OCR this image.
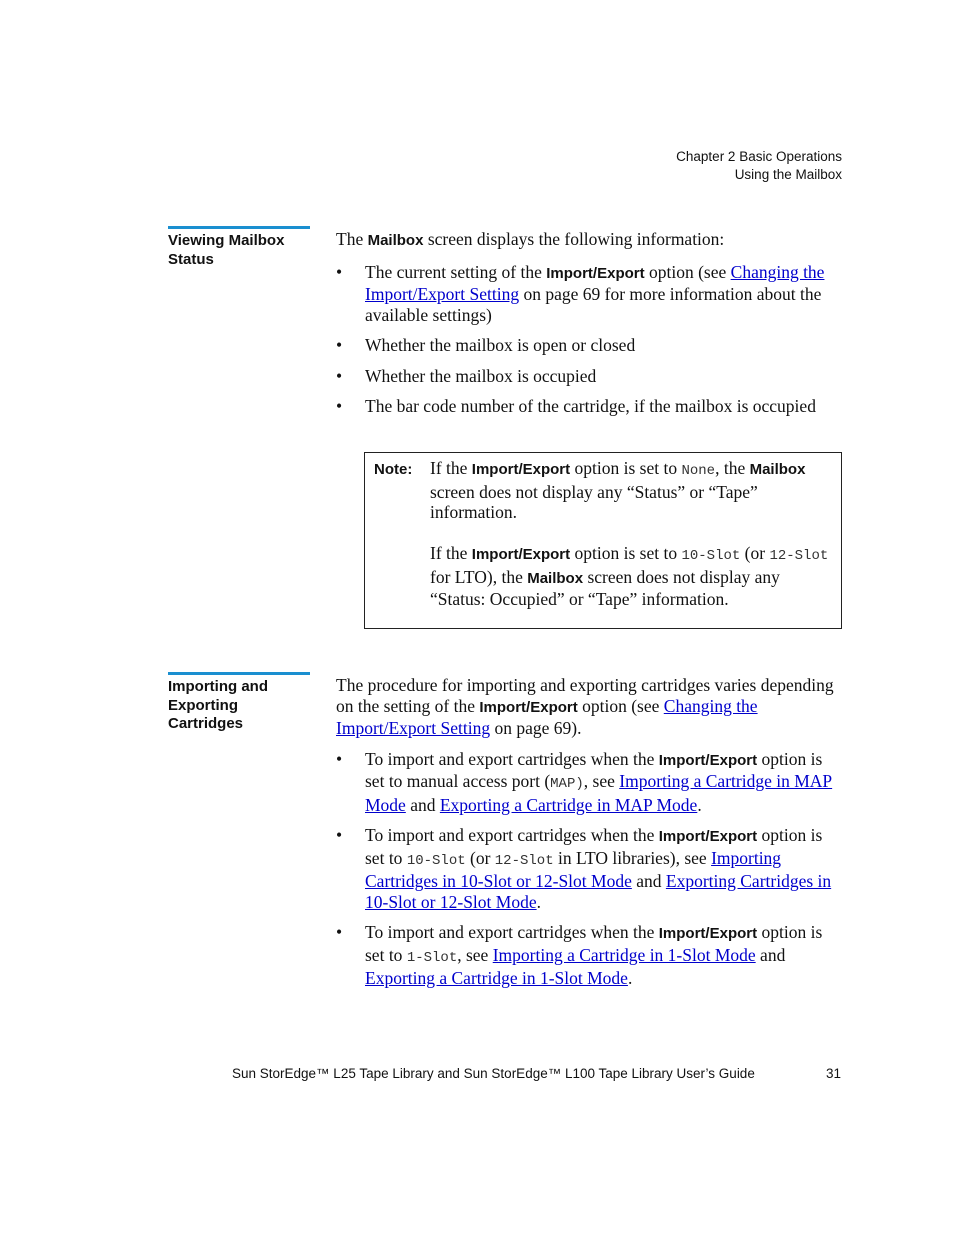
Chapter 2 Basic Operations
Using the Mailbox
Viewing Mailbox Status

The Mailbox screen displays the following information:

• The current setting of the Import/Export option (see Changing the Import/Export Setting on page 69 for more information about the available settings)
• Whether the mailbox is open or closed
• Whether the mailbox is occupied
• The bar code number of the cartridge, if the mailbox is occupied
Note: If the Import/Export option is set to None, the Mailbox screen does not display any “Status” or “Tape” information.

If the Import/Export option is set to 10-Slot (or 12-Slot for LTO), the Mailbox screen does not display any “Status: Occupied” or “Tape” information.

Importing and Exporting Cartridges

The procedure for importing and exporting cartridges varies depending on the setting of the Import/Export option (see Changing the Import/Export Setting on page 69).

• To import and export cartridges when the Import/Export option is set to manual access port (MAP), see Importing a Cartridge in MAP Mode and Exporting a Cartridge in MAP Mode.
• To import and export cartridges when the Import/Export option is set to 10-Slot (or 12-Slot in LTO libraries), see Importing Cartridges in 10-Slot or 12-Slot Mode and Exporting Cartridges in 10-Slot or 12-Slot Mode.
• To import and export cartridges when the Import/Export option is set to 1-Slot, see Importing a Cartridge in 1-Slot Mode and Exporting a Cartridge in 1-Slot Mode.
Sun StorEdge™ L25 Tape Library and Sun StorEdge™ L100 Tape Library User’s Guide	31
